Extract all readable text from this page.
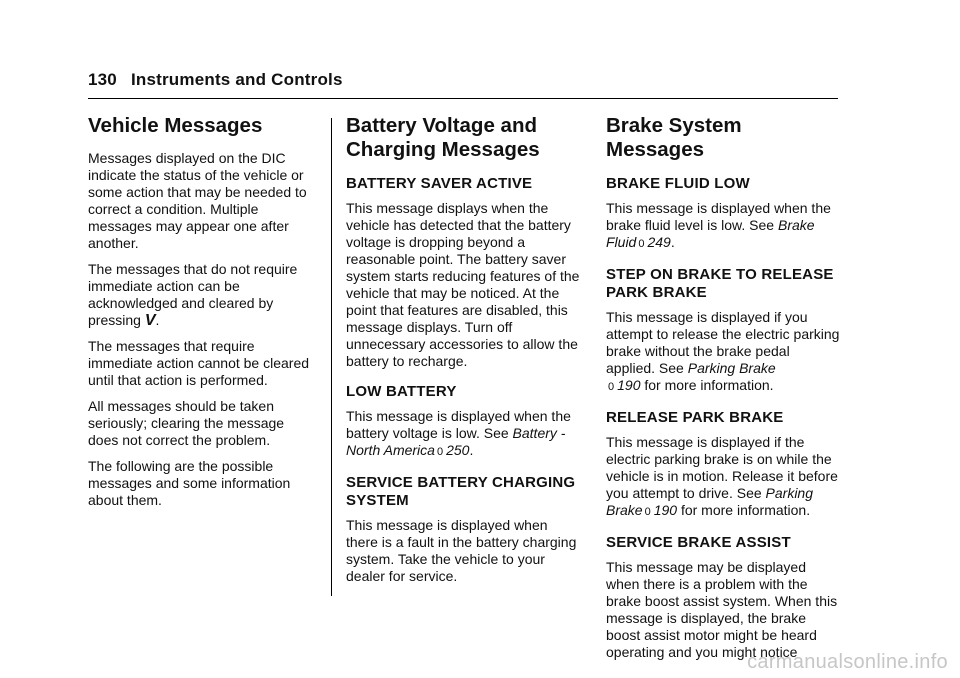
130 Instruments and Controls
Vehicle Messages

Messages displayed on the DIC indicate the status of the vehicle or some action that may be needed to correct a condition. Multiple messages may appear one after another.

The messages that do not require immediate action can be acknowledged and cleared by pressing V.

The messages that require immediate action cannot be cleared until that action is performed.

All messages should be taken seriously; clearing the message does not correct the problem.

The following are the possible messages and some information about them.

Battery Voltage and Charging Messages
BATTERY SAVER ACTIVE

This message displays when the vehicle has detected that the battery voltage is dropping beyond a reasonable point. The battery saver system starts reducing features of the vehicle that may be noticed. At the point that features are disabled, this message displays. Turn off unnecessary accessories to allow the battery to recharge.

LOW BATTERY

This message is displayed when the battery voltage is low. See Battery - North America 0 250.

SERVICE BATTERY CHARGING SYSTEM

This message is displayed when there is a fault in the battery charging system. Take the vehicle to your dealer for service.

Brake System Messages
BRAKE FLUID LOW

This message is displayed when the brake fluid level is low. See Brake Fluid 0 249.

STEP ON BRAKE TO RELEASE PARK BRAKE

This message is displayed if you attempt to release the electric parking brake without the brake pedal applied. See Parking Brake
0 190 for more information.

RELEASE PARK BRAKE

This message is displayed if the electric parking brake is on while the vehicle is in motion. Release it before you attempt to drive. See Parking Brake 0 190 for more information.

SERVICE BRAKE ASSIST

This message may be displayed when there is a problem with the brake boost assist system. When this message is displayed, the brake boost assist motor might be heard operating and you might notice

carmanualsonline.info
